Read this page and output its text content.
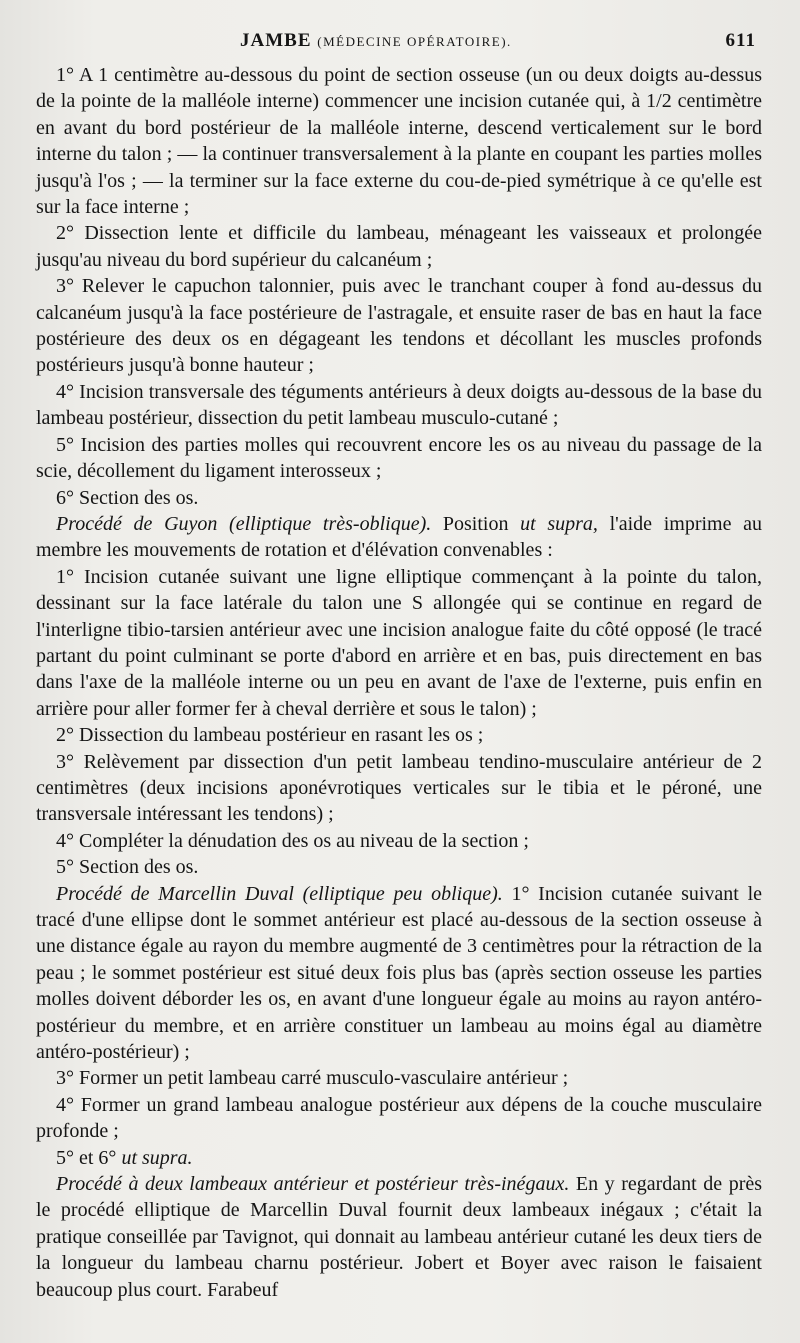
JAMBE (MÉDECINE OPÉRATOIRE).	611

1° A 1 centimètre au-dessous du point de section osseuse (un ou deux doigts au-dessus de la pointe de la malléole interne) commencer une incision cutanée qui, à 1/2 centimètre en avant du bord postérieur de la malléole interne, descend verticalement sur le bord interne du talon ; — la continuer transversalement à la plante en coupant les parties molles jusqu'à l'os ; — la terminer sur la face externe du cou-de-pied symétrique à ce qu'elle est sur la face interne ;

2° Dissection lente et difficile du lambeau, ménageant les vaisseaux et prolongée jusqu'au niveau du bord supérieur du calcanéum ;

3° Relever le capuchon talonnier, puis avec le tranchant couper à fond au-dessus du calcanéum jusqu'à la face postérieure de l'astragale, et ensuite raser de bas en haut la face postérieure des deux os en dégageant les tendons et décollant les muscles profonds postérieurs jusqu'à bonne hauteur ;

4° Incision transversale des téguments antérieurs à deux doigts au-dessous de la base du lambeau postérieur, dissection du petit lambeau musculo-cutané ;

5° Incision des parties molles qui recouvrent encore les os au niveau du passage de la scie, décollement du ligament interosseux ;

6° Section des os.

Procédé de Guyon (elliptique très-oblique). Position ut supra, l'aide imprime au membre les mouvements de rotation et d'élévation convenables :

1° Incision cutanée suivant une ligne elliptique commençant à la pointe du talon, dessinant sur la face latérale du talon une S allongée qui se continue en regard de l'interligne tibio-tarsien antérieur avec une incision analogue faite du côté opposé (le tracé partant du point culminant se porte d'abord en arrière et en bas, puis directement en bas dans l'axe de la malléole interne ou un peu en avant de l'axe de l'externe, puis enfin en arrière pour aller former fer à cheval derrière et sous le talon) ;

2° Dissection du lambeau postérieur en rasant les os ;

3° Relèvement par dissection d'un petit lambeau tendino-musculaire antérieur de 2 centimètres (deux incisions aponévrotiques verticales sur le tibia et le péroné, une transversale intéressant les tendons) ;

4° Compléter la dénudation des os au niveau de la section ;

5° Section des os.

Procédé de Marcellin Duval (elliptique peu oblique). 1° Incision cutanée suivant le tracé d'une ellipse dont le sommet antérieur est placé au-dessous de la section osseuse à une distance égale au rayon du membre augmenté de 3 centimètres pour la rétraction de la peau ; le sommet postérieur est situé deux fois plus bas (après section osseuse les parties molles doivent déborder les os, en avant d'une longueur égale au moins au rayon antéro-postérieur du membre, et en arrière constituer un lambeau au moins égal au diamètre antéro-postérieur) ;

3° Former un petit lambeau carré musculo-vasculaire antérieur ;

4° Former un grand lambeau analogue postérieur aux dépens de la couche musculaire profonde ;

5° et 6° ut supra.

Procédé à deux lambeaux antérieur et postérieur très-inégaux. En y regardant de près le procédé elliptique de Marcellin Duval fournit deux lambeaux inégaux ; c'était la pratique conseillée par Tavignot, qui donnait au lambeau antérieur cutané les deux tiers de la longueur du lambeau charnu postérieur. Jobert et Boyer avec raison le faisaient beaucoup plus court. Farabeuf
